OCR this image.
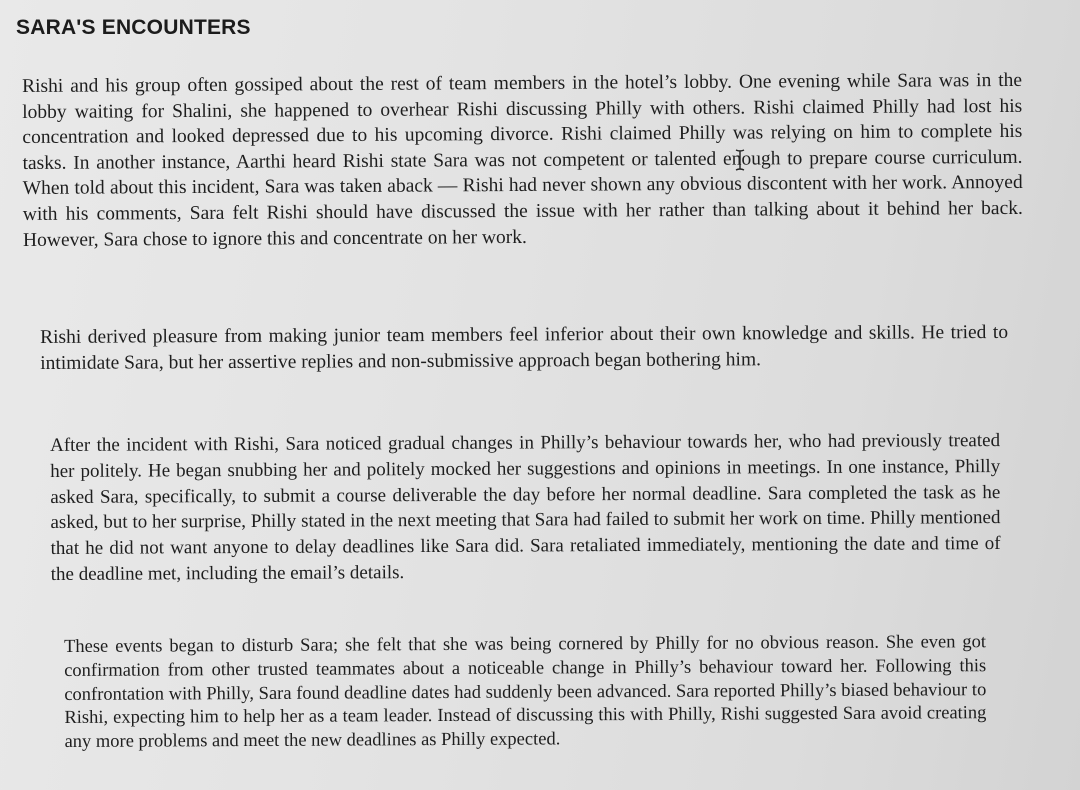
SARA'S ENCOUNTERS

Rishi and his group often gossiped about the rest of team members in the hotel’s lobby. One evening while Sara was in the lobby waiting for Shalini, she happened to overhear Rishi discussing Philly with others. Rishi claimed Philly had lost his concentration and looked depressed due to his upcoming divorce. Rishi claimed Philly was relying on him to complete his tasks. In another instance, Aarthi heard Rishi state Sara was not competent or talented enough to prepare course curriculum. When told about this incident, Sara was taken aback — Rishi had never shown any obvious discontent with her work. Annoyed with his comments, Sara felt Rishi should have discussed the issue with her rather than talking about it behind her back. However, Sara chose to ignore this and concentrate on her work.

Rishi derived pleasure from making junior team members feel inferior about their own knowledge and skills. He tried to intimidate Sara, but her assertive replies and non-submissive approach began bothering him.

After the incident with Rishi, Sara noticed gradual changes in Philly’s behaviour towards her, who had previously treated her politely. He began snubbing her and politely mocked her suggestions and opinions in meetings. In one instance, Philly asked Sara, specifically, to submit a course deliverable the day before her normal deadline. Sara completed the task as he asked, but to her surprise, Philly stated in the next meeting that Sara had failed to submit her work on time. Philly mentioned that he did not want anyone to delay deadlines like Sara did. Sara retaliated immediately, mentioning the date and time of the deadline met, including the email’s details.

These events began to disturb Sara; she felt that she was being cornered by Philly for no obvious reason. She even got confirmation from other trusted teammates about a noticeable change in Philly’s behaviour toward her. Following this confrontation with Philly, Sara found deadline dates had suddenly been advanced. Sara reported Philly’s biased behaviour to Rishi, expecting him to help her as a team leader. Instead of discussing this with Philly, Rishi suggested Sara avoid creating any more problems and meet the new deadlines as Philly expected.
